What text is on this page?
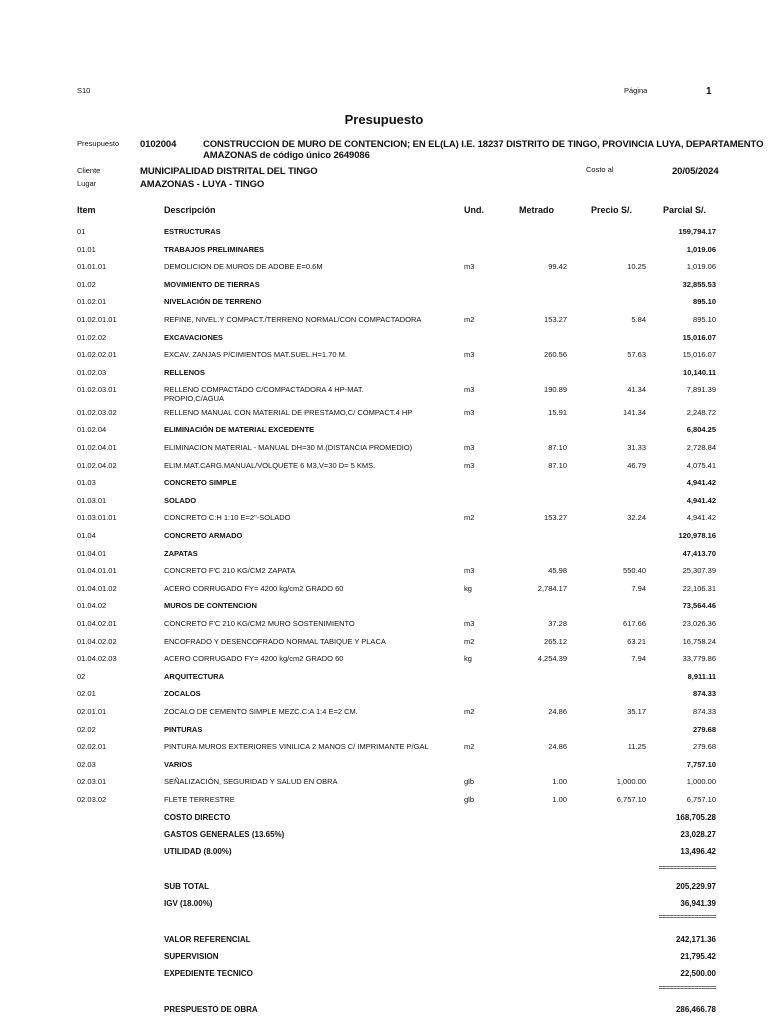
S10	Página	1
Presupuesto
Presupuesto 0102004	CONSTRUCCION DE MURO DE CONTENCION; EN EL(LA) I.E. 18237 DISTRITO DE TINGO, PROVINCIA LUYA, DEPARTAMENTO
AMAZONAS de código único 2649086
Cliente	MUNICIPALIDAD DISTRITAL DEL TINGO	Costo al	20/05/2024
Lugar	AMAZONAS - LUYA - TINGO
Item	Descripción	Und.	Metrado	Precio S/.	Parcial S/.
01	ESTRUCTURAS	159,794.17
01.01	TRABAJOS PRELIMINARES	1,019.06
01.01.01	DEMOLICION DE MUROS DE ADOBE E=0.6M	m3	99.42	10.25	1,019.06
01.02	MOVIMIENTO DE TIERRAS	32,855.53
01.02.01	NIVELACIÓN DE TERRENO	895.10
01.02.01.01	REFINE, NIVEL.Y COMPACT./TERRENO NORMAL/CON COMPACTADORA	m2	153.27	5.84	895.10
01.02.02	EXCAVACIONES	15,016.07
01.02.02.01	EXCAV. ZANJAS P/CIMIENTOS MAT.SUEL.H=1.70 M.	m3	260.56	57.63	15,016.07
01.02.03	RELLENOS	10,140.11
01.02.03.01	RELLENO COMPACTADO C/COMPACTADORA 4 HP-MAT.
PROPIO,C/AGUA
m3	190.89	41.34	7,891.39
01.02.03.02	RELLENO MANUAL CON MATERIAL DE PRESTAMO,C/ COMPACT.4 HP	m3	15.91	141.34	2,248.72
01.02.04	ELIMINACIÓN DE MATERIAL EXCEDENTE	6,804.25
01.02.04.01	ELIMINACION MATERIAL - MANUAL DH=30 M.(DISTANCIA PROMEDIO)	m3	87.10	31.33	2,728.84
01.02.04.02	ELIM.MAT.CARG.MANUAL/VOLQUETE 6 M3,V=30 D= 5 KMS.	m3	87.10	46.79	4,075.41
01.03	CONCRETO SIMPLE	4,941.42
01.03.01	SOLADO	4,941.42
01.03.01.01	CONCRETO C:H 1:10 E=2"-SOLADO	m2	153.27	32.24	4,941.42
01.04	CONCRETO ARMADO	120,978.16
01.04.01	ZAPATAS	47,413.70
01.04.01.01	CONCRETO F'C 210 KG/CM2 ZAPATA	m3	45.98	550.40	25,307.39
01.04.01.02	ACERO CORRUGADO FY= 4200 kg/cm2 GRADO 60	kg	2,784.17	7.94	22,106.31
01.04.02	MUROS DE CONTENCION	73,564.46
01.04.02.01	CONCRETO F'C 210 KG/CM2 MURO SOSTENIMIENTO	m3	37.28	617.66	23,026.36
01.04.02.02	ENCOFRADO Y DESENCOFRADO NORMAL TABIQUE Y PLACA	m2	265.12	63.21	16,758.24
01.04.02.03	ACERO CORRUGADO FY= 4200 kg/cm2 GRADO 60	kg	4,254.39	7.94	33,779.86
02	ARQUITECTURA	8,911.11
02.01	ZOCALOS	874.33
02.01.01	ZOCALO DE CEMENTO SIMPLE MEZC.C:A 1:4 E=2 CM.	m2	24.86	35.17	874.33
02.02	PINTURAS	279.68
02.02.01	PINTURA MUROS EXTERIORES VINILICA 2 MANOS C/ IMPRIMANTE P/GAL	m2	24.86	11.25	279.68
02.03	VARIOS	7,757.10
02.03.01	SEÑALIZACIÓN, SEGURIDAD Y SALUD EN OBRA	glb	1.00	1,000.00	1,000.00
02.03.02	FLETE TERRESTRE	glb	1.00	6,757.10	6,757.10
COSTO DIRECTO	168,705.28
GASTOS GENERALES (13.65%)	23,028.27
UTILIDAD (8.00%)	13,496.42
================
SUB TOTAL	205,229.97
IGV (18.00%)	36,941.39
================
VALOR REFERENCIAL	242,171.36
SUPERVISION	21,795.42
EXPEDIENTE TECNICO	22,500.00
================
PRESPUESTO DE OBRA	286,466.78
